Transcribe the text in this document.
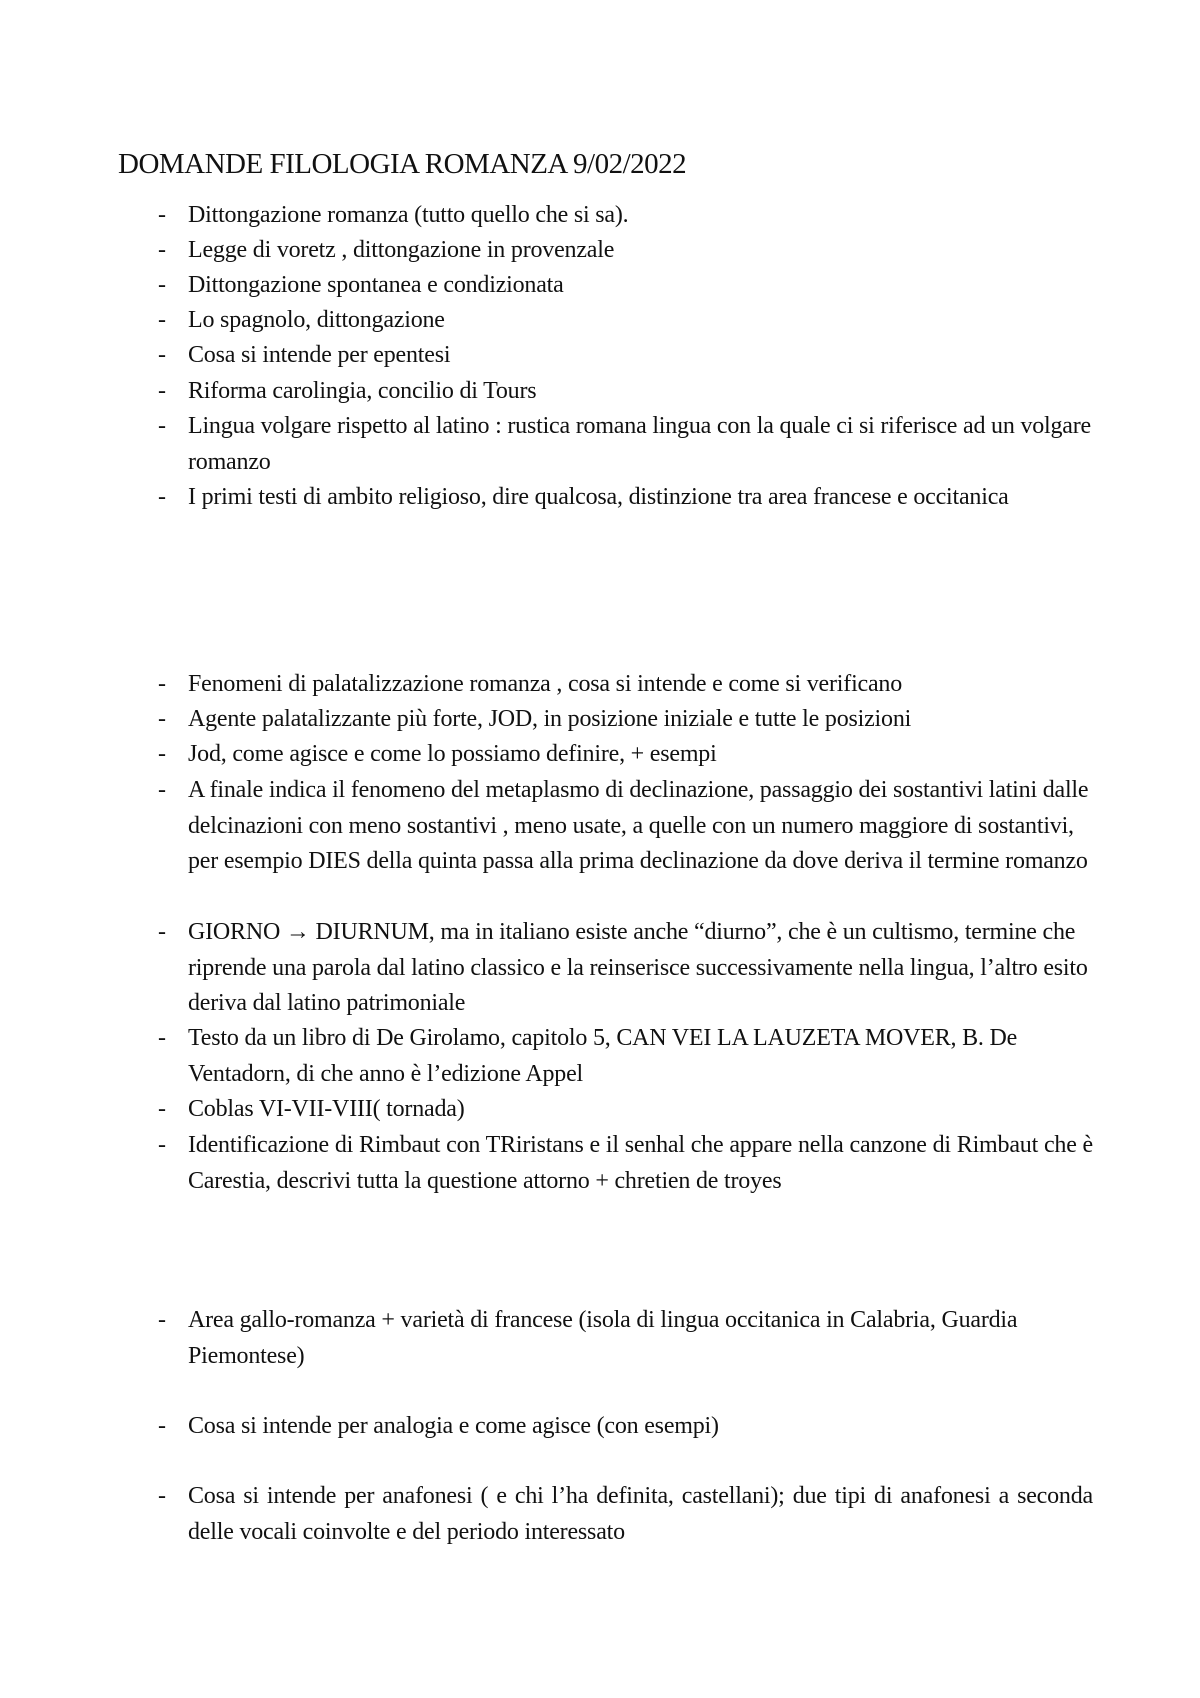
DOMANDE FILOLOGIA ROMANZA 9/02/2022
- Dittongazione romanza (tutto quello che si sa).
- Legge di voretz , dittongazione in provenzale
- Dittongazione spontanea e condizionata
- Lo spagnolo, dittongazione
- Cosa si intende per epentesi
- Riforma carolingia, concilio di Tours
- Lingua volgare rispetto al latino : rustica romana lingua con la quale ci si riferisce ad un volgare romanzo
- I primi testi di ambito religioso, dire qualcosa, distinzione tra area francese e occitanica
- Fenomeni di palatalizzazione romanza , cosa si intende e come si verificano
- Agente palatalizzante più forte, JOD, in posizione iniziale e tutte le posizioni
- Jod, come agisce e come lo possiamo definire, + esempi
- A finale indica il fenomeno del metaplasmo di declinazione, passaggio dei sostantivi latini dalle delcinazioni con meno sostantivi , meno usate, a quelle con un numero maggiore di sostantivi, per esempio DIES della quinta passa alla prima declinazione da dove deriva il termine romanzo
- GIORNO → DIURNUM, ma in italiano esiste anche “diurno”, che è un cultismo, termine che riprende una parola dal latino classico e la reinserisce successivamente nella lingua, l’altro esito deriva dal latino patrimoniale
- Testo da un libro di De Girolamo, capitolo 5, CAN VEI LA LAUZETA MOVER, B. De Ventadorn, di che anno è l’edizione Appel
- Coblas VI-VII-VIII( tornada)
- Identificazione di Rimbaut con TRiristans e il senhal che appare nella canzone di Rimbaut che è Carestia, descrivi tutta la questione attorno + chretien de troyes
- Area gallo-romanza + varietà di francese (isola di lingua occitanica in Calabria, Guardia Piemontese)
- Cosa si intende per analogia e come agisce (con esempi)
- Cosa si intende per anafonesi ( e chi l’ha definita, castellani); due tipi di anafonesi a seconda delle vocali coinvolte e del periodo interessato
